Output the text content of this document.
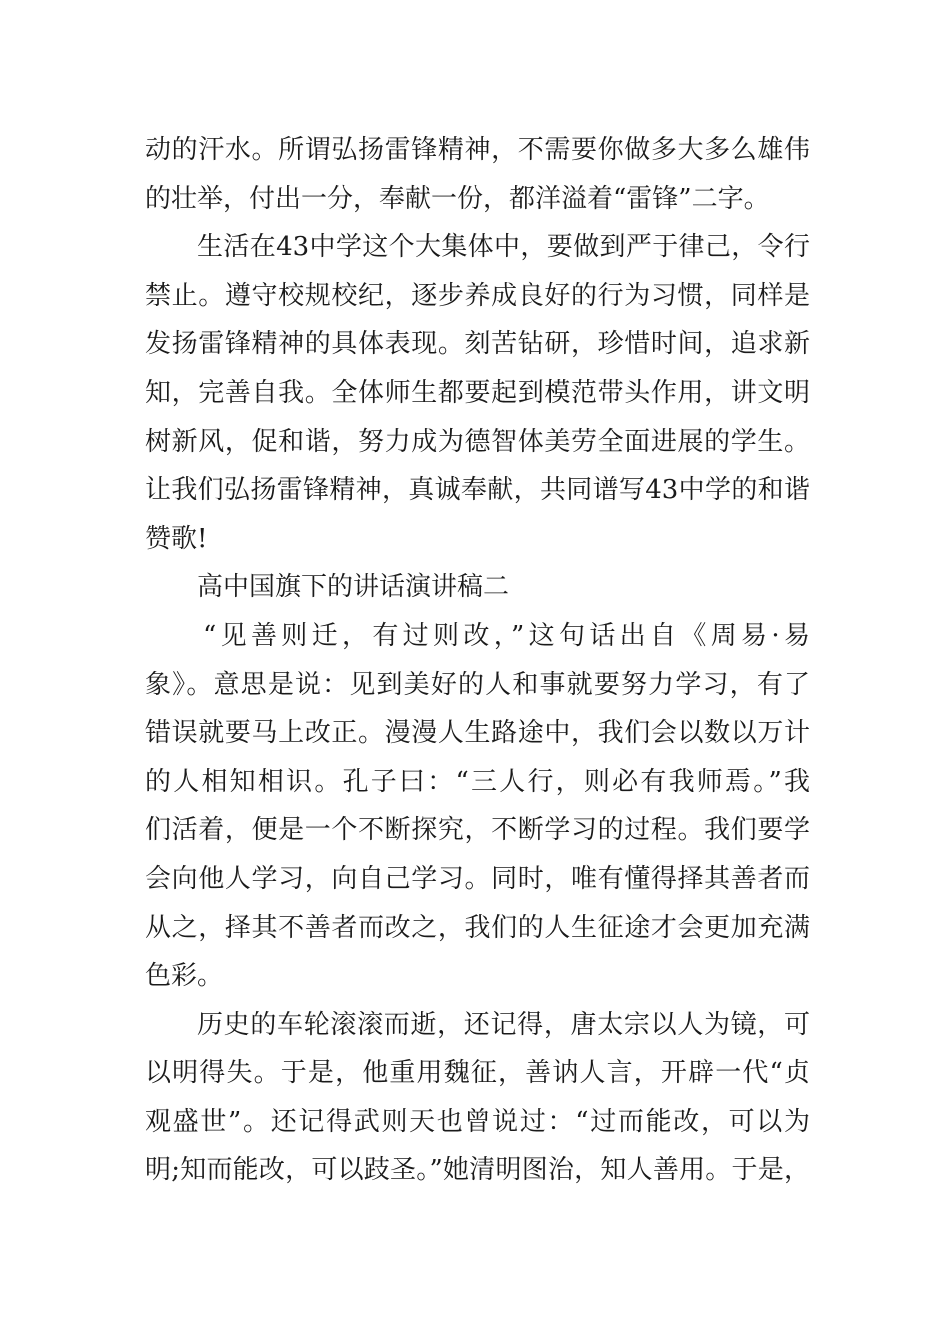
动的汗水。所谓弘扬雷锋精神，不需要你做多大多么雄伟
的壮举，付出一分，奉献一份，都洋溢着“雷锋”二字。
生活在43中学这个大集体中，要做到严于律己，令行
禁止。遵守校规校纪，逐步养成良好的行为习惯，同样是
发扬雷锋精神的具体表现。刻苦钻研，珍惜时间，追求新
知，完善自我。全体师生都要起到模范带头作用，讲文明
树新风，促和谐，努力成为德智体美劳全面进展的学生。
让我们弘扬雷锋精神，真诚奉献，共同谱写43中学的和谐
赞歌!
高中国旗下的讲话演讲稿二
“见善则迁，有过则改，”这句话出自《周易·易
象》。意思是说：见到美好的人和事就要努力学习，有了
错误就要马上改正。漫漫人生路途中，我们会以数以万计
的人相知相识。孔子曰：“三人行，则必有我师焉。”我
们活着，便是一个不断探究，不断学习的过程。我们要学
会向他人学习，向自己学习。同时，唯有懂得择其善者而
从之，择其不善者而改之，我们的人生征途才会更加充满
色彩。
历史的车轮滚滚而逝，还记得，唐太宗以人为镜，可
以明得失。于是，他重用魏征，善讷人言，开辟一代“贞
观盛世”。还记得武则天也曾说过：“过而能改，可以为
明;知而能改，可以跂圣。”她清明图治，知人善用。于是，
